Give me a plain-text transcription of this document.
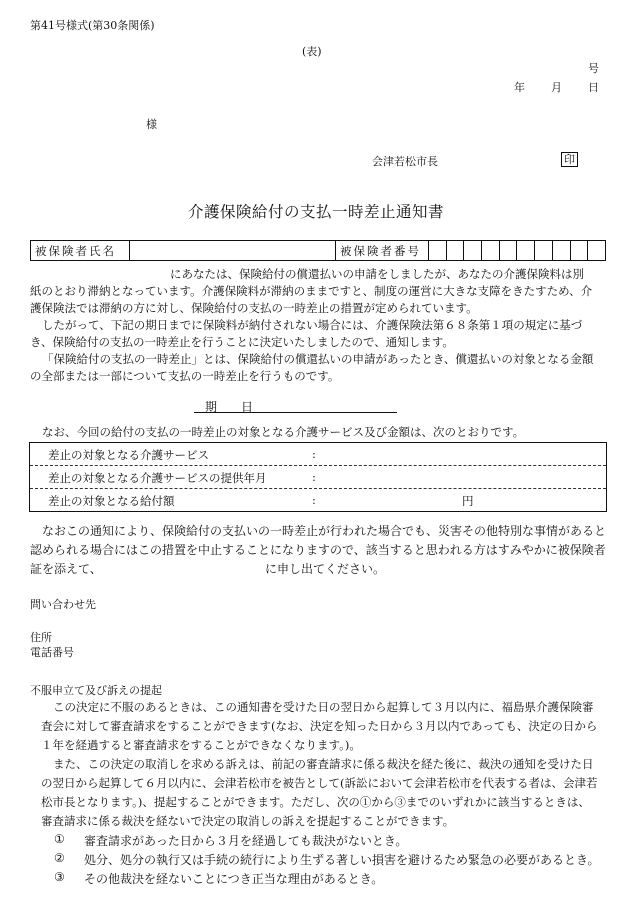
第41号様式(第30条関係)
(表)
号
年 月 日
様
会津若松市長	印
介護保険給付の支払一時差止通知書
被保険者氏名		被保険者番号										
にあなたは、保険給付の償還払いの申請をしましたが、あなたの介護保険料は別
紙のとおり滞納となっています。介護保険料が滞納のままですと、制度の運営に大きな支障をきたすため、介護保険法では滞納の方に対し、保険給付の支払の一時差止の措置が定められています。
したがって、下記の期日までに保険料が納付されない場合には、介護保険法第６８条第１項の規定に基づき、保険給付の支払の一時差止を行うことに決定いたしましたので、通知します。
「保険給付の支払の一時差止」とは、保険給付の償還払いの申請があったとき、償還払いの対象となる金額の全部または一部について支払の一時差止を行うものです。
期　日
なお、今回の給付の支払の一時差止の対象となる介護サービス及び金額は、次のとおりです。
差止の対象となる介護サービス	:
差止の対象となる介護サービスの提供年月	:
差止の対象となる給付額	:	円
なおこの通知により、保険給付の支払いの一時差止が行われた場合でも、災害その他特別な事情があると
認められる場合にはこの措置を中止することになりますので、該当すると思われる方はすみやかに被保険者
証を添えて、	に申し出てください。
問い合わせ先
住所
電話番号
不服申立て及び訴えの提起
この決定に不服のあるときは、この通知書を受けた日の翌日から起算して３月以内に、福島県介護保険審査会に対して審査請求をすることができます(なお、決定を知った日から３月以内であっても、決定の日から１年を経過すると審査請求をすることができなくなります。)。
また、この決定の取消しを求める訴えは、前記の審査請求に係る裁決を経た後に、裁決の通知を受けた日の翌日から起算して６月以内に、会津若松市を被告として(訴訟において会津若松市を代表する者は、会津若松市長となります。)、提起することができます。ただし、次の①から③までのいずれかに該当するときは、審査請求に係る裁決を経ないで決定の取消しの訴えを提起することができます。
① 審査請求があった日から３月を経過しても裁決がないとき。
② 処分、処分の執行又は手続の続行により生ずる著しい損害を避けるため緊急の必要があるとき。
③ その他裁決を経ないことにつき正当な理由があるとき。
